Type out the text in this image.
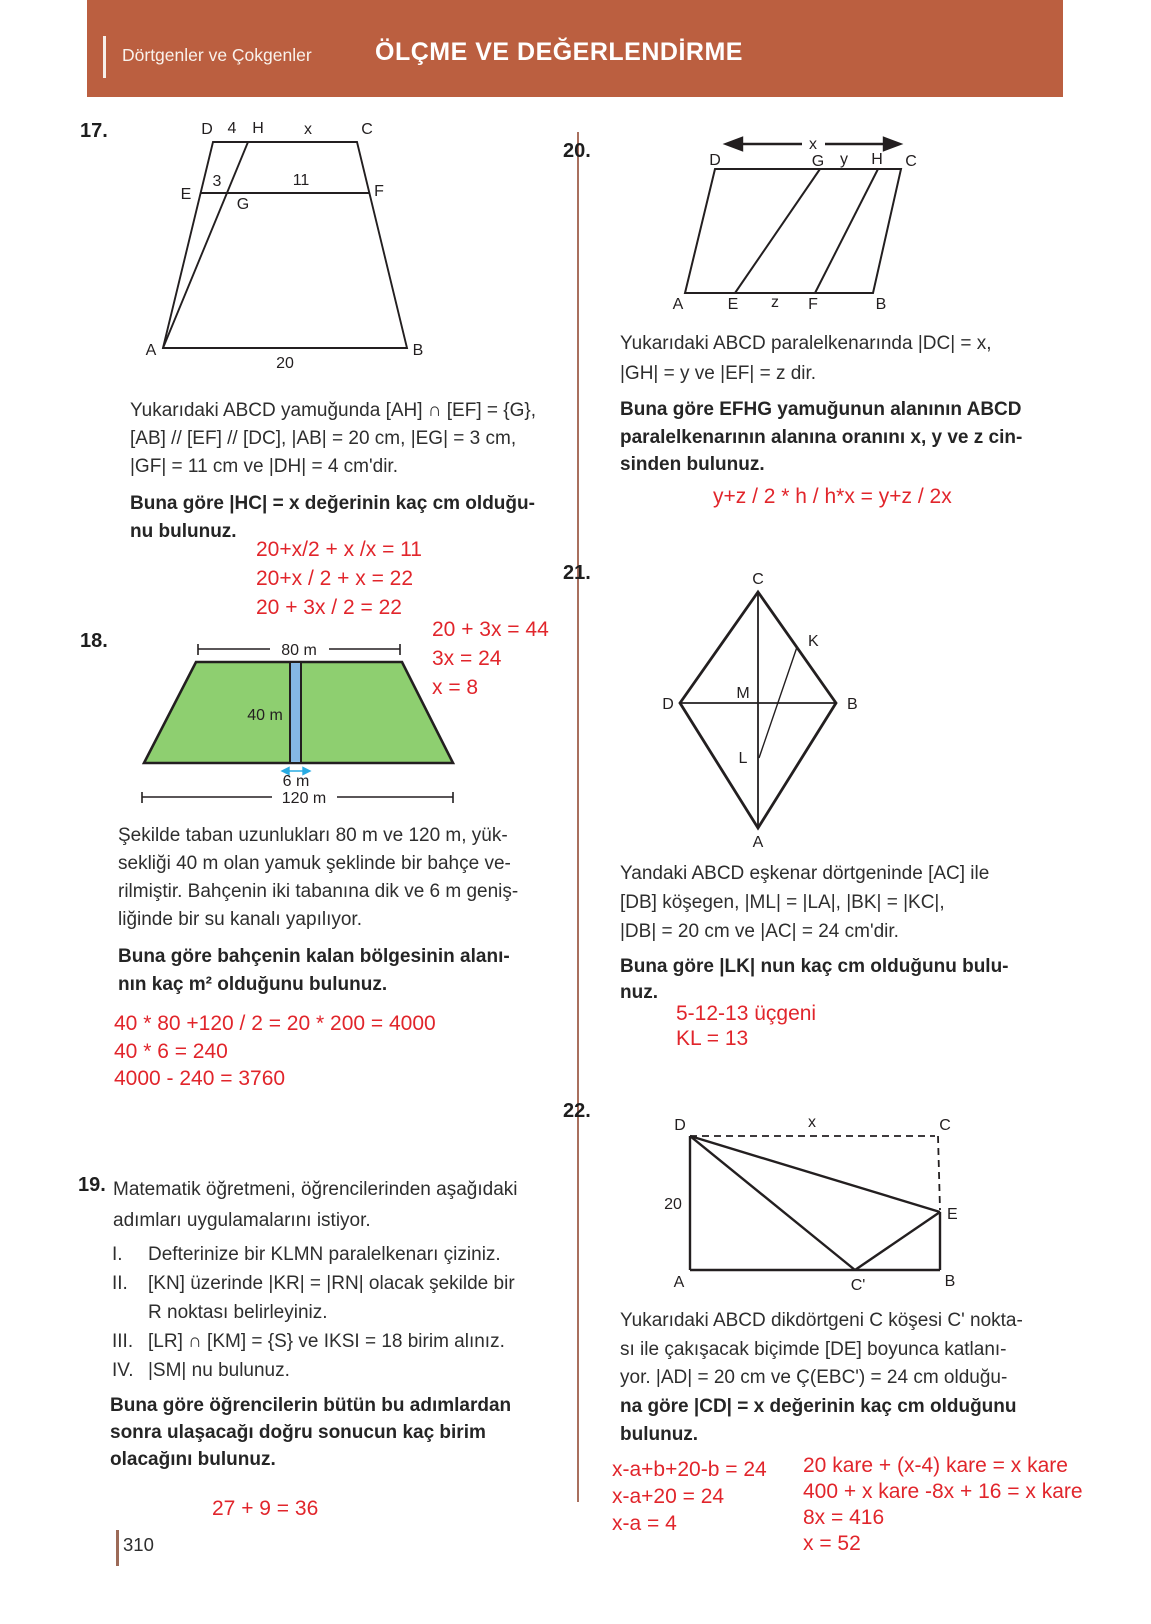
Dörtgenler ve Çokgenler	ÖLÇME VE DEĞERLENDİRME
17.	D 4 H	x	C
E
3
G
11
F
A	B
20
Yukarıdaki ABCD yamuğunda [AH] ∩ [EF] = {G},
[AB] // [EF] // [DC], |AB| = 20 cm, |EG| = 3 cm,
|GF| = 11 cm ve |DH| = 4 cm'dir.
Buna göre |HC| = x değerinin kaç cm olduğu-
nu bulunuz.
20+x/2 + x /x = 11
20+x / 2 + x = 22
20 + 3x / 2 = 22
20 + 3x = 44
3x = 24
x = 8
18.	80 m
40 m
6 m
120 m
Şekilde taban uzunlukları 80 m ve 120 m, yük-
sekliği 40 m olan yamuk şeklinde bir bahçe ve-
rilmiştir. Bahçenin iki tabanına dik ve 6 m geniş-
liğinde bir su kanalı yapılıyor.
Buna göre bahçenin kalan bölgesinin alanı-
nın kaç m² olduğunu bulunuz.
40 * 80 +120 / 2 = 20 * 200 = 4000
40 * 6 = 240
4000 - 240 = 3760
19. Matematik öğretmeni, öğrencilerinden aşağıdaki
adımları uygulamalarını istiyor.
I.	Defterinize bir KLMN paralelkenarı çiziniz.
II.	[KN] üzerinde |KR| = |RN| olacak şekilde bir
R noktası belirleyiniz.
III. [LR] ∩ [KM] = {S} ve IKSI = 18 birim alınız.
IV. |SM| nu bulunuz.
Buna göre öğrencilerin bütün bu adımlardan
sonra ulaşacağı doğru sonucun kaç birim
olacağını bulunuz.
27 + 9 = 36
310
20.	x
D	G y H C
A	E z F	B
Yukarıdaki ABCD paralelkenarında |DC| = x,
|GH| = y ve |EF| = z dir.
Buna göre EFHG yamuğunun alanının ABCD
paralelkenarının alanına oranını x, y ve z cin-
sinden bulunuz.
y+z / 2 * h / h*x = y+z / 2x
21.	C
K
D
M
B
L
A
Yandaki ABCD eşkenar dörtgeninde [AC] ile
[DB] köşegen, |ML| = |LA|, |BK| = |KC|,
|DB| = 20 cm ve |AC| = 24 cm'dir.
Buna göre |LK| nun kaç cm olduğunu bulu-
nuz.
5-12-13 üçgeni
KL = 13
22.
D	x	C
20
E
A	C'	B
Yukarıdaki ABCD dikdörtgeni C köşesi C' nokta-
sı ile çakışacak biçimde [DE] boyunca katlanı-
yor. |AD| = 20 cm ve Ç(EBC') = 24 cm olduğu-
na göre |CD| = x değerinin kaç cm olduğunu
bulunuz.
x-a+b+20-b = 24
x-a+20 = 24
x-a = 4
20 kare + (x-4) kare = x kare
400 + x kare -8x + 16 = x kare
8x = 416
x = 52
